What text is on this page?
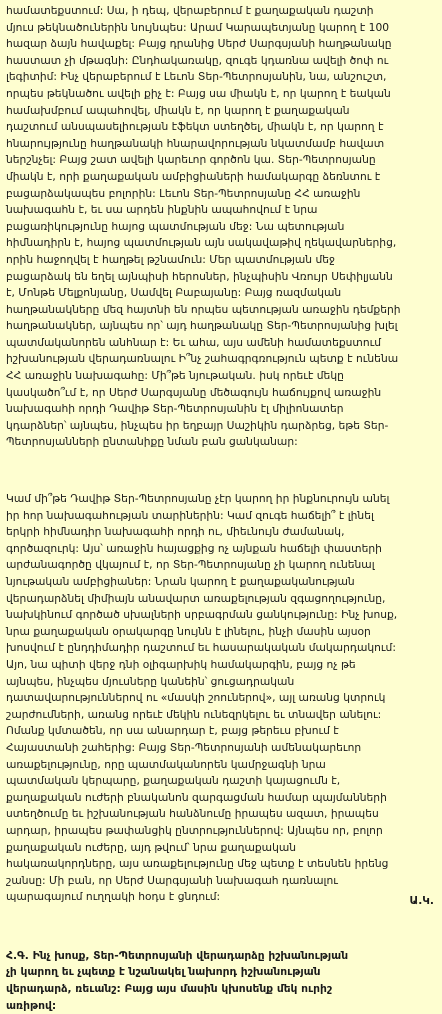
համատեքստում: Սա, ի դեպ, վերաբերում է քաղաքական դաշտի
մյուս թեկնածուներին նույնպես: Արամ Կարապետյանը կարող է 100
հազար ձայն հավաքել: Բայց դրանից Սերժ Սարգսյանի հաղթանակը
հաստատ չի մթագնի: Ընդհակառակը, զուգե կդառնա ավելի ծոփ ու
լեգիտիմ: Ինչ վերաբերում է Լեւոն Տեր-Պետրոսյանին, նա, անշուշտ,
որպես թեկնածու ավելի քիչ է: Բայց սա միակն է, որ կարող է եական
համախմբում ապահովել, միակն է, որ կարող է քաղաքական
դաշտում անսպասելիության էֆեկտ ստեղծել, միակն է, որ կարող է
հնարույթյունը հաղթանակի հնարավորության նկատմամբ հավատ
ներշնչել: Բայց շատ ավելի կարեւոր գործոն կա. Տեր-Պետրոսյանը
միակն է, որի քաղաքական ամբիցիաների համակարգը ձեռնտու է
բացարձակապես բոլորին: Լեւոն Տեր-Պետրոսյանը ՀՀ առաջին
նախագահն է, եւ սա արդեն ինքնին ապահովում է նրա
բացառիկությունը հայոց պատմության մեջ: Նա պետության
հիմնադիրն է, հայոց պատմության այն սակավաթիվ ղեկավարներից,
որին հաջողվել է հաղթել թշնամուն: Մեր պատմության մեջ
բացարձակ են եղել այնպիսի հերոսներ, ինչպիսին Վռույր Սեփիլյանն
է, Մոնթե Մելքոնյանը, Սամվել Բաբայանը: Բայց ռազմական
հաղթանակները մեզ հայտնի են որպես պետության առաջին դեմքերի
հաղթանակներ, այնպես որ՝ այդ հաղթանակը Տեր-Պետրոսյանից խլել
պատմականորեն անհնար է: Եւ ահա, այս ամենի համատեքստում
իշխանության վերադառնալու Ի՞նչ շահագրգռություն պետք է ունենա
ՀՀ առաջին նախագահը: Մի՞թե նյութական. իսկ որեւէ մեկը
կասկածո՞ւմ է, որ Սերժ Սարգսյանը մեծագույն հաճույքով առաջին
նախագահի որդի Դավիթ Տեր-Պետրոսյանին էլ միլիոնատեր
կդարձներ՝ այնպես, ինչպես իր եղբայր Սաշիկին դարձրեց, եթե Տեր-
Պետրոսյանների ընտանիքը նման բան ցանկանար:

Կամ մի՞թե Դավիթ Տեր-Պետրոսյանը չէր կարող իր ինքնուրույն անել
իր հոր նախագահության տարիներին: Կամ զուգե հաճելի՞ է լինել
երկրի հիմնադիր նախագահի որդի ու, միեւնույն ժամանակ,
գործազուրկ: Այս՝ առաջին հայացքից ոչ այնքան հաճելի փաստերի
արժանագործը վկայում է, որ Տեր-Պետրոսյանը չի կարող ունենալ
նյութական ամբիցիաներ: Նրան կարող է քաղաքականության
վերադարձնել միմիայն անավարտ առաքելության զգացողությունը,
նախկինում գործած սխալների սրբագրման ցանկությունը: Ինչ խոսք,
նրա քաղաքական օրակարգը նույնն է լինելու, ինչի մասին այսօր
խոսվում է ընդդիմադիր դաշտում եւ հասարակական մակարդակում:
Այո, նա պիտի վերջ դնի օլիգարխիկ համակարգին, բայց ոչ թե
այնպես, ինչպես մյուսները կանեին՝ ցուցադրական
դատավարություններով ու «մասկի շոուներով», այլ առանց կտրուկ
շարժումների, առանց որեւէ մեկին ունեզրկելու եւ տնավեր անելու:
Ոմանք կմտածեն, որ սա անարդար է, բայց թերեւս բխում է
Հայաստանի շահերից: Բայց Տեր-Պետրոսյանի ամենակարեւոր
առաքելությունը, որը պատմականորեն կամրջագնի նրա
պատմական կերպարը, քաղաքական դաշտի կայացումն է,
քաղաքական ուժերի բնականոն զարգացման համար պայմանների
ստեղծումը եւ իշխանության հանձնումը իրապես ազատ, իրապես
արդար, իրապես թափանցիկ ընտրություններով: Այնպես որ, բոլոր
քաղաքական ուժերը, այդ թվում՝ նրա քաղաքական
հակառակորդները, այս առաքելությունը մեջ պետք է տեսնեն իրենց
շանսը: Մի բան, որ Սերժ Սարգսյանի նախագահ դառնալու
պարագայում ուղղակի հօդս է ցնդում:

Հ.Գ. Ինչ խոսք, Տեր-Պետրոսյանի վերադարձը իշխանության
չի կարող եւ չպետք է նշանակել նախորդ իշխանության
վերադարձ, ռեւանշ: Բայց այս մասին կխոսենք մեկ ուրիշ
առիթով:

Ա.Կ.
